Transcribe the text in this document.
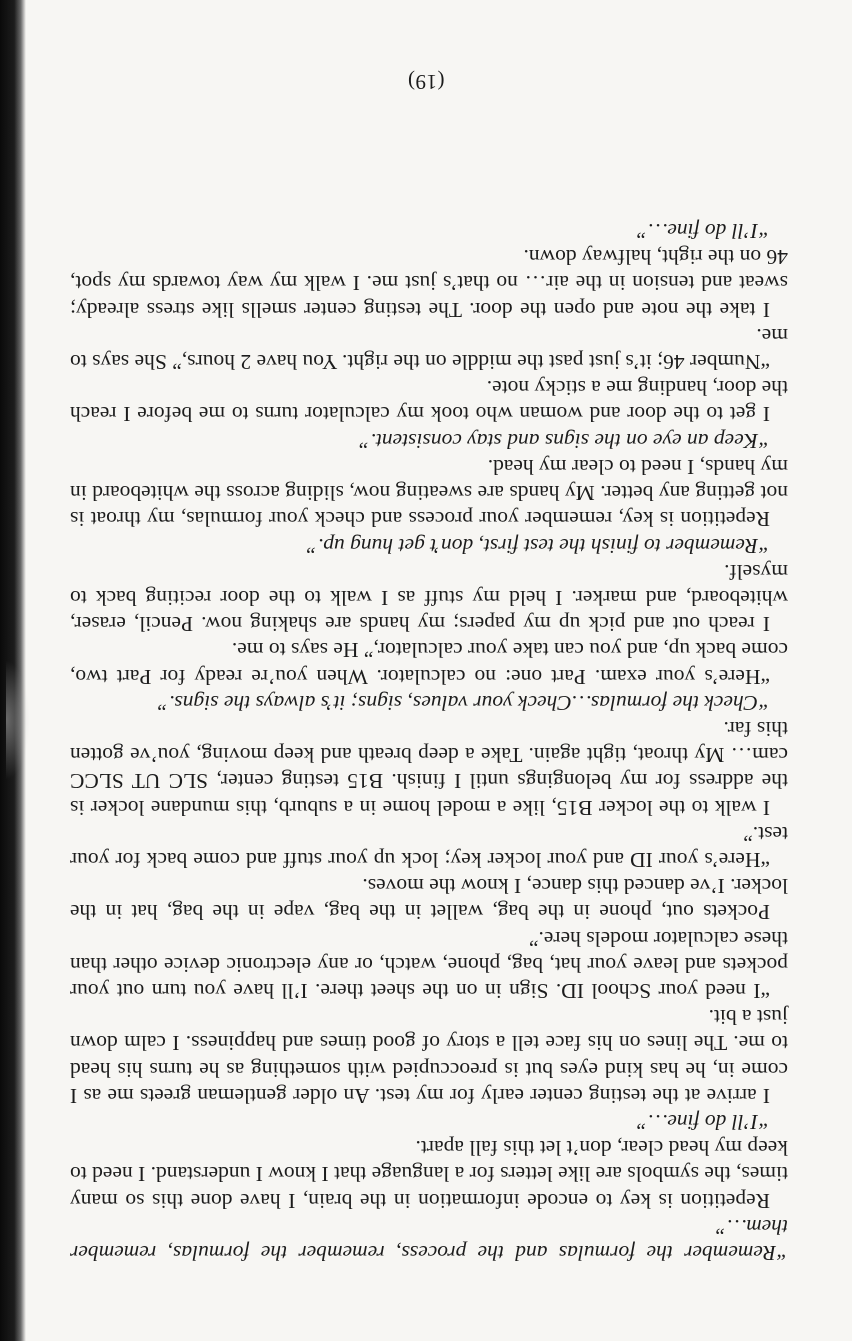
“Remember the formulas and the process, remember the formulas, remember them…”

Repetition is key to encode information in the brain, I have done this so many times, the symbols are like letters for a language that I know I understand. I need to keep my head clear, don’t let this fall apart.

“I’ll do fine…”

I arrive at the testing center early for my test. An older gentleman greets me as I come in, he has kind eyes but is preoccupied with something as he turns his head to me. The lines on his face tell a story of good times and happiness. I calm down just a bit.

“I need your School ID. Sign in on the sheet there. I’ll have you turn out your pockets and leave your hat, bag, phone, watch, or any electronic device other than these calculator models here.”

Pockets out, phone in the bag, wallet in the bag, vape in the bag, hat in the locker. I’ve danced this dance, I know the moves.

“Here’s your ID and your locker key; lock up your stuff and come back for your test.”

I walk to the locker B15, like a model home in a suburb, this mundane locker is the address for my belongings until I finish. B15 testing center, SLC UT SLCC cam… My throat, tight again. Take a deep breath and keep moving, you’ve gotten this far.

“Check the formulas…Check your values, signs; it’s always the signs.”

“Here’s your exam. Part one: no calculator. When you’re ready for Part two, come back up, and you can take your calculator,” He says to me.

I reach out and pick up my papers; my hands are shaking now. Pencil, eraser, whiteboard, and marker. I held my stuff as I walk to the door reciting back to myself.

“Remember to finish the test first, don’t get hung up.”

Repetition is key, remember your process and check your formulas, my throat is not getting any better. My hands are sweating now, sliding across the whiteboard in my hands, I need to clear my head.

“Keep an eye on the signs and stay consistent.”

I get to the door and woman who took my calculator turns to me before I reach the door, handing me a sticky note.

“Number 46; it’s just past the middle on the right. You have 2 hours,” She says to me.

I take the note and open the door. The testing center smells like stress already; sweat and tension in the air… no that’s just me. I walk my way towards my spot, 46 on the right, halfway down.

“I’ll do fine…”

(19)
